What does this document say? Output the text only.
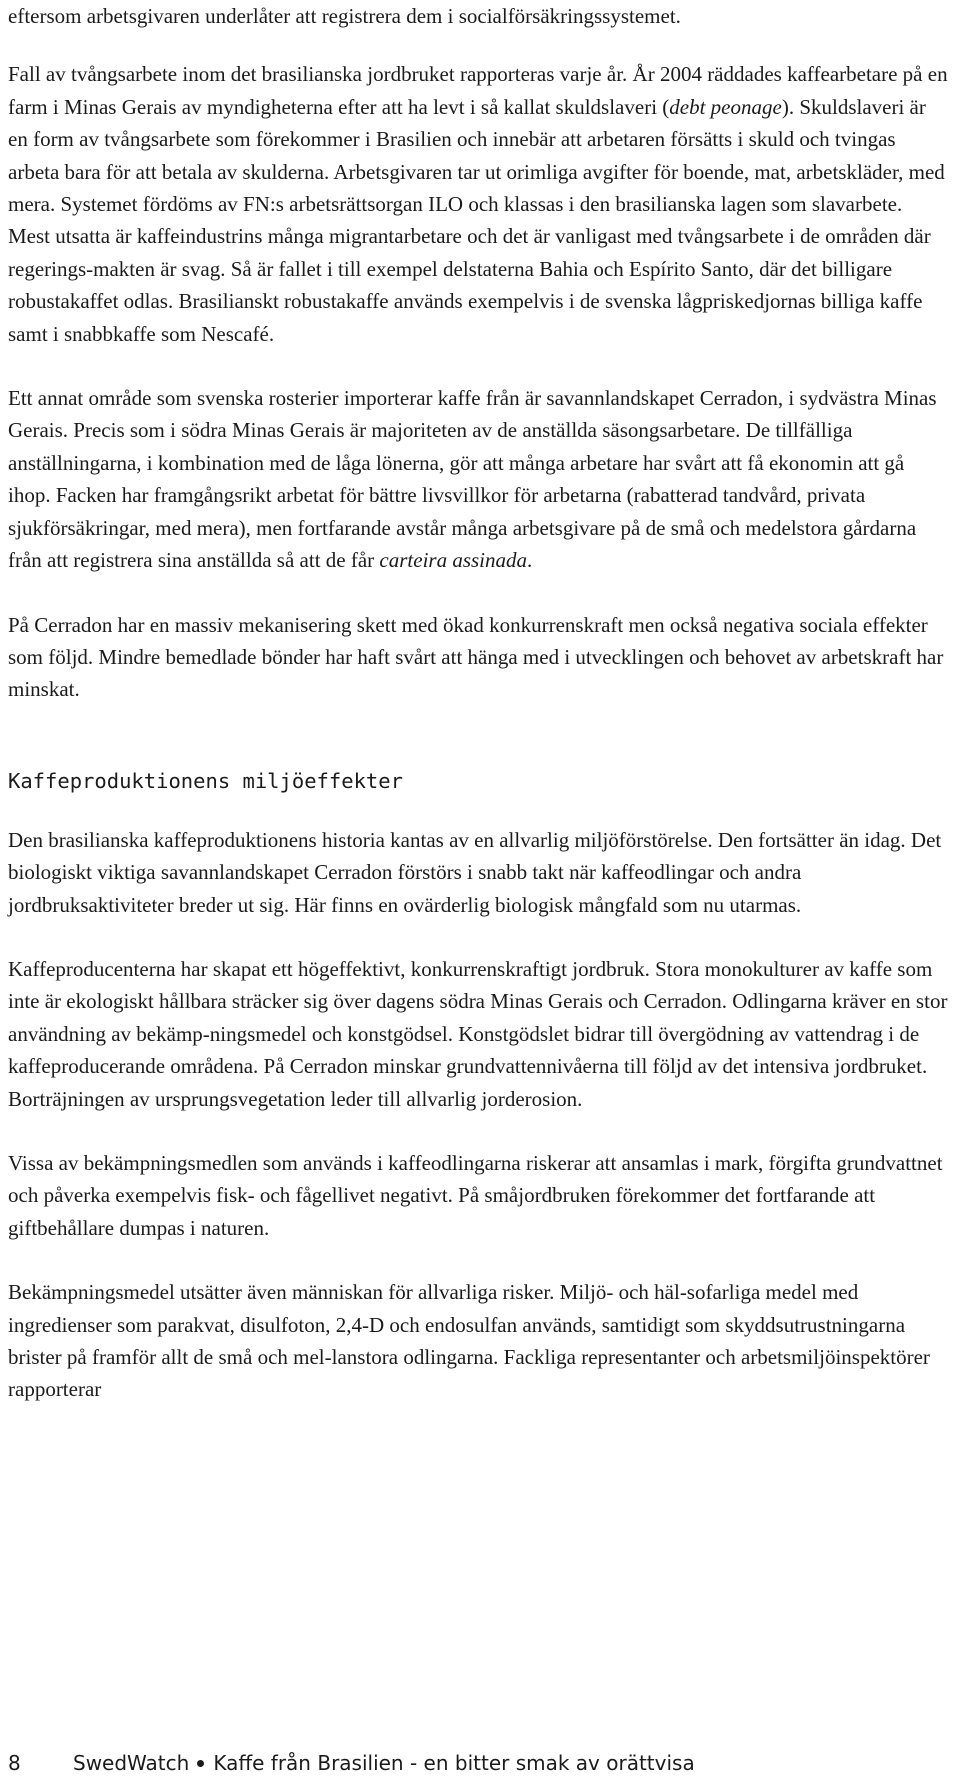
eftersom arbetsgivaren underlåter att registrera dem i socialförsäkringssystemet.

Fall av tvångsarbete inom det brasilianska jordbruket rapporteras varje år. År 2004 räddades kaffearbetare på en farm i Minas Gerais av myndigheterna efter att ha levt i så kallat skuldslaveri (debt peonage). Skuldslaveri är en form av tvångsarbete som förekommer i Brasilien och innebär att arbetaren försätts i skuld och tvingas arbeta bara för att betala av skulderna. Arbetsgivaren tar ut orimliga avgifter för boende, mat, arbetskläder, med mera. Systemet fördöms av FN:s arbetsrättsorgan ILO och klassas i den brasilianska lagen som slavarbete. Mest utsatta är kaffeindustrins många migrantarbetare och det är vanligast med tvångsarbete i de områden där regerings-makten är svag. Så är fallet i till exempel delstaterna Bahia och Espírito Santo, där det billigare robustakaffet odlas. Brasilianskt robustakaffe används exempelvis i de svenska lågpriskedjornas billiga kaffe samt i snabbkaffe som Nescafé.

Ett annat område som svenska rosterier importerar kaffe från är savannlandskapet Cerradon, i sydvästra Minas Gerais. Precis som i södra Minas Gerais är majoriteten av de anställda säsongsarbetare. De tillfälliga anställningarna, i kombination med de låga lönerna, gör att många arbetare har svårt att få ekonomin att gå ihop. Facken har framgångsrikt arbetat för bättre livsvillkor för arbetarna (rabatterad tandvård, privata sjukförsäkringar, med mera), men fortfarande avstår många arbetsgivare på de små och medelstora gårdarna från att registrera sina anställda så att de får carteira assinada.

På Cerradon har en massiv mekanisering skett med ökad konkurrenskraft men också negativa sociala effekter som följd. Mindre bemedlade bönder har haft svårt att hänga med i utvecklingen och behovet av arbetskraft har minskat.

Kaffeproduktionens miljöeffekter

Den brasilianska kaffeproduktionens historia kantas av en allvarlig miljöförstörelse. Den fortsätter än idag. Det biologiskt viktiga savannlandskapet Cerradon förstörs i snabb takt när kaffeodlingar och andra jordbruksaktiviteter breder ut sig. Här finns en ovärderlig biologisk mångfald som nu utarmas.

Kaffeproducenterna har skapat ett högeffektivt, konkurrenskraftigt jordbruk. Stora monokulturer av kaffe som inte är ekologiskt hållbara sträcker sig över dagens södra Minas Gerais och Cerradon. Odlingarna kräver en stor användning av bekämp-ningsmedel och konstgödsel. Konstgödslet bidrar till övergödning av vattendrag i de kaffeproducerande områdena. På Cerradon minskar grundvattennivåerna till följd av det intensiva jordbruket. Borträjningen av ursprungsvegetation leder till allvarlig jorderosion.

Vissa av bekämpningsmedlen som används i kaffeodlingarna riskerar att ansamlas i mark, förgifta grundvattnet och påverka exempelvis fisk- och fågellivet negativt. På småjordbruken förekommer det fortfarande att giftbehållare dumpas i naturen.

Bekämpningsmedel utsätter även människan för allvarliga risker. Miljö- och häl-sofarliga medel med ingredienser som parakvat, disulfoton, 2,4-D och endosulfan används, samtidigt som skyddsutrustningarna brister på framför allt de små och mel-lanstora odlingarna. Fackliga representanter och arbetsmiljöinspektörer rapporterar

8	SwedWatch Kaffe från Brasilien - en bitter smak av orättvisa
